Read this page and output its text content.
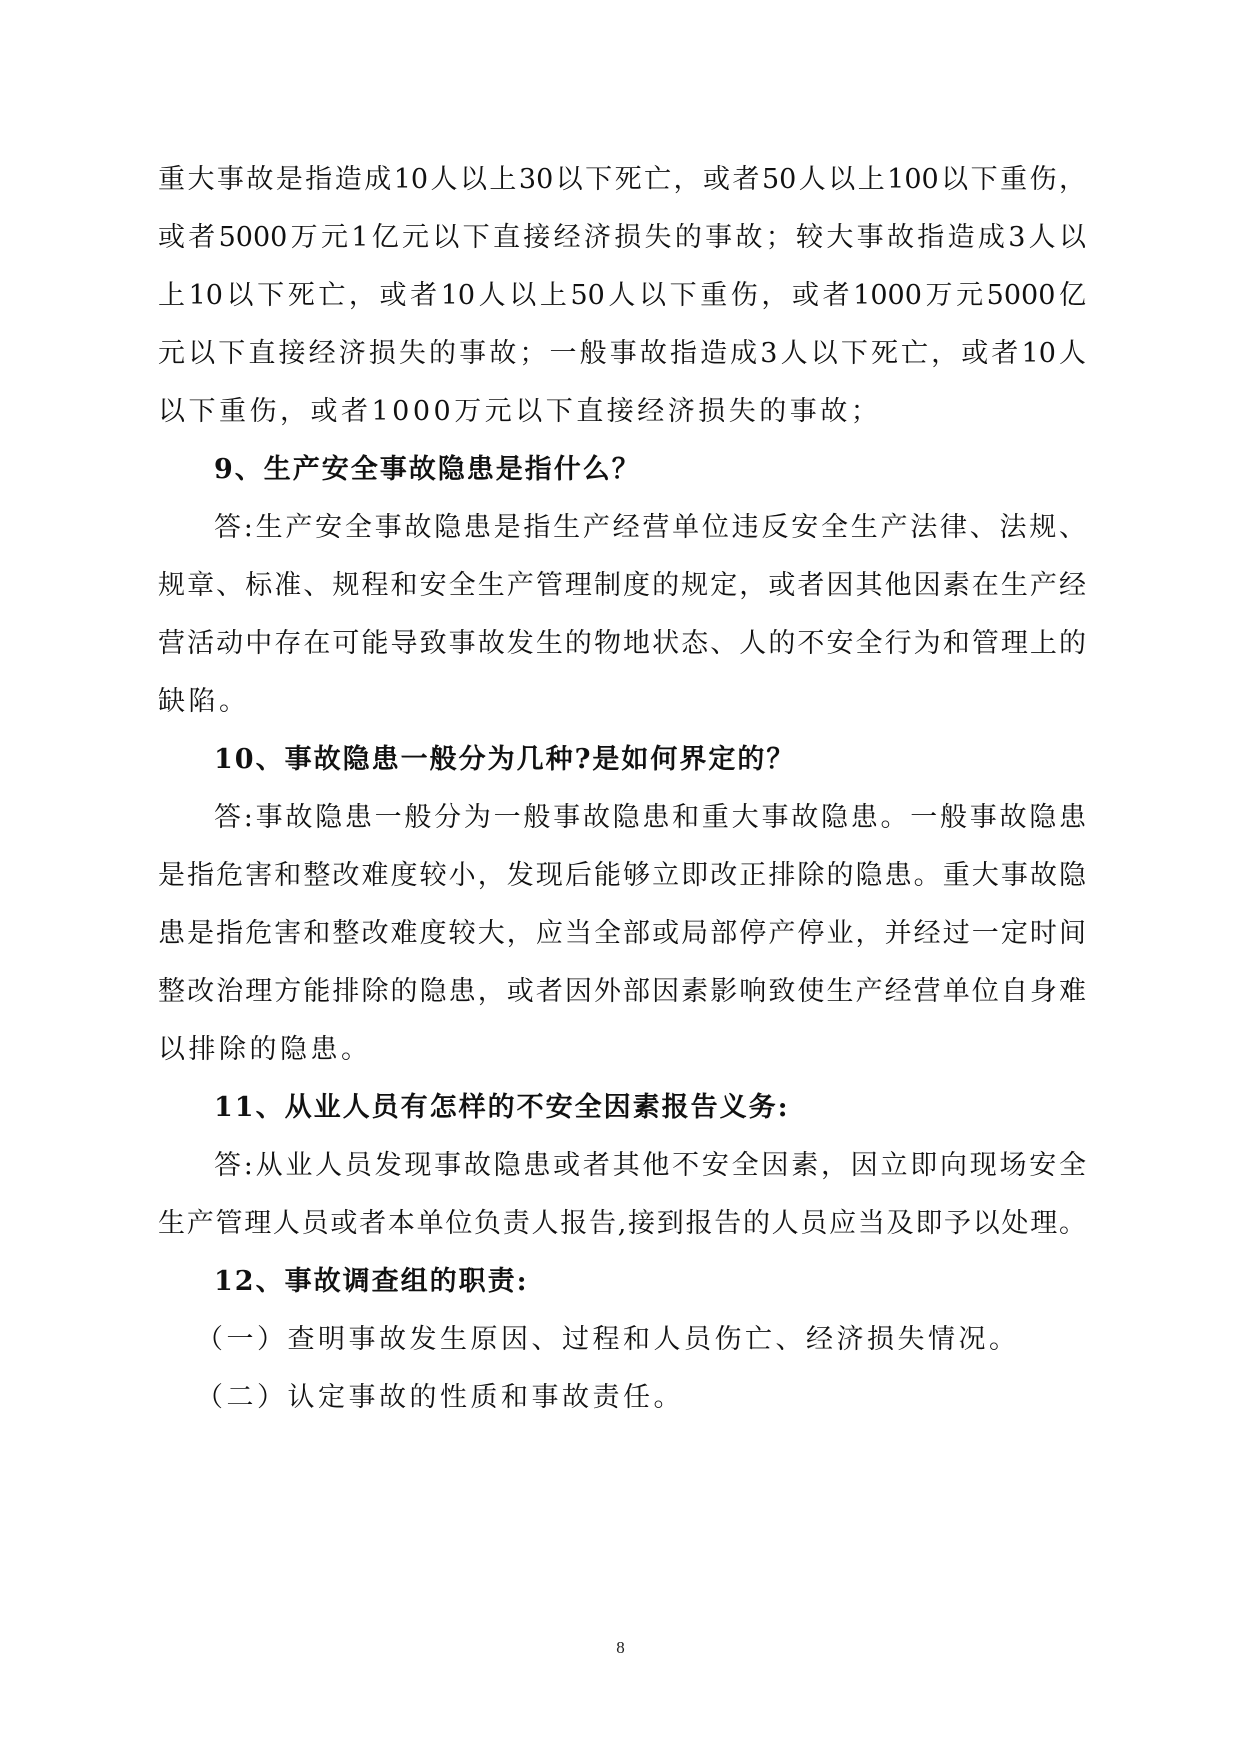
重大事故是指造成10人以上30以下死亡，或者50人以上100以下重伤，
或者5000万元1亿元以下直接经济损失的事故；较大事故指造成3人以
上10以下死亡，或者10人以上50人以下重伤，或者1000万元5000亿
元以下直接经济损失的事故；一般事故指造成3人以下死亡，或者10人
以下重伤，或者1000万元以下直接经济损失的事故；
9、生产安全事故隐患是指什么？
答:生产安全事故隐患是指生产经营单位违反安全生产法律、法规、
规章、标准、规程和安全生产管理制度的规定，或者因其他因素在生产经
营活动中存在可能导致事故发生的物地状态、人的不安全行为和管理上的
缺陷。
10、事故隐患一般分为几种?是如何界定的？
答:事故隐患一般分为一般事故隐患和重大事故隐患。一般事故隐患
是指危害和整改难度较小，发现后能够立即改正排除的隐患。重大事故隐
患是指危害和整改难度较大，应当全部或局部停产停业，并经过一定时间
整改治理方能排除的隐患，或者因外部因素影响致使生产经营单位自身难
以排除的隐患。
11、从业人员有怎样的不安全因素报告义务:
答:从业人员发现事故隐患或者其他不安全因素，因立即向现场安全
生产管理人员或者本单位负责人报告,接到报告的人员应当及即予以处理。
12、事故调查组的职责:
（一）查明事故发生原因、过程和人员伤亡、经济损失情况。
（二）认定事故的性质和事故责任。
8
